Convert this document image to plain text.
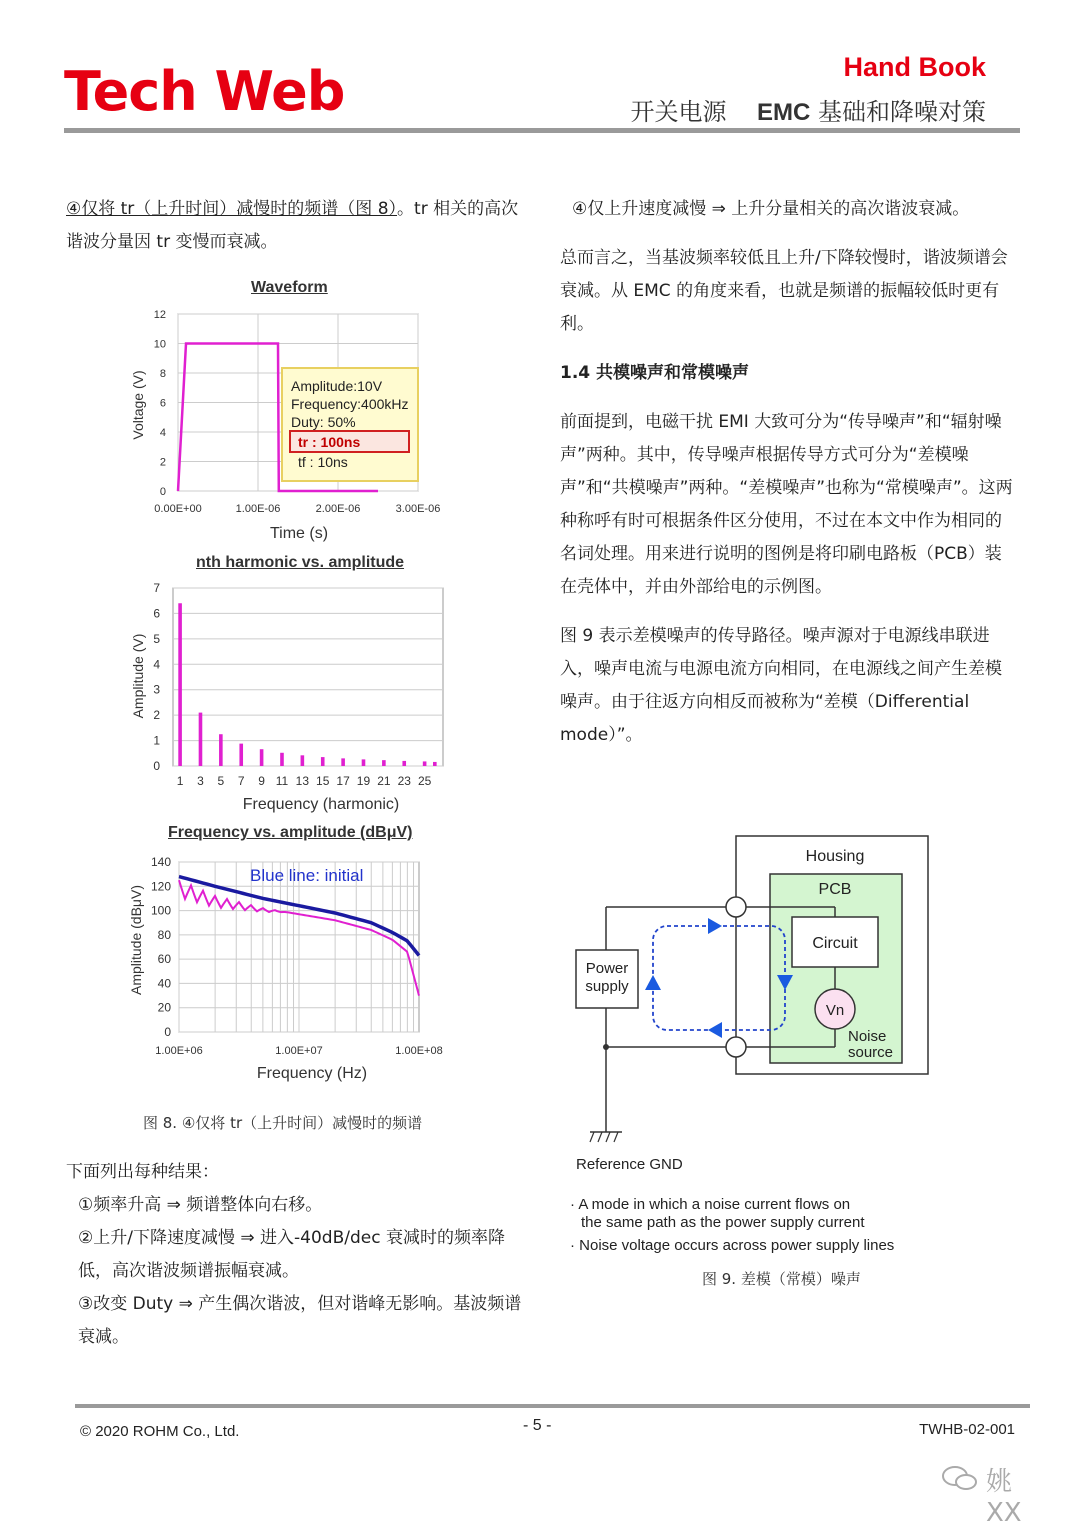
Tech Web	Hand Book
开关电源 EMC 基础和降噪对策

④仅将 tr（上升时间）减慢时的频谱（图 8）。tr 相关的高次谐波分量因 tr 变慢而衰减。

Waveform
0
2
4
6
8
10
12
0.00E+00	1.00E-06	2.00E-06	3.00E-06
Amplitude:10V
Frequency:400kHz
Duty: 50%
tr : 100ns
tf : 10ns
Voltage (V)
Time (s)
nth harmonic vs. amplitude
0
1
2
3
4
5
6
7
1 3 5 7 9 11 13 15 17 19 21 23 25
Amplitude (V)
Frequency (harmonic)
Frequency vs. amplitude (dBμV)
0
20
40
60
80
100
120
140
1.00E+06	1.00E+07	1.00E+08
Blue line: initial
Amplitude (dBμV)
Frequency (Hz)
图 8. ④仅将 tr（上升时间）减慢时的频谱

下面列出每种结果：

①频率升高 ⇒ 频谱整体向右移。

②上升/下降速度减慢 ⇒ 进入-40dB/dec 衰减时的频率降低，高次谐波频谱振幅衰减。

③改变 Duty ⇒ 产生偶次谐波，但对谐峰无影响。基波频谱衰减。

④仅上升速度减慢 ⇒ 上升分量相关的高次谐波衰减。

总而言之，当基波频率较低且上升/下降较慢时，谐波频谱会衰减。从 EMC 的角度来看，也就是频谱的振幅较低时更有利。

1.4 共模噪声和常模噪声

前面提到，电磁干扰 EMI 大致可分为“传导噪声”和“辐射噪声”两种。其中，传导噪声根据传导方式可分为“差模噪声”和“共模噪声”两种。“差模噪声”也称为“常模噪声”。这两种称呼有时可根据条件区分使用，不过在本文中作为相同的名词处理。用来进行说明的图例是将印刷电路板（PCB）装在壳体中，并由外部给电的示例图。

图 9 表示差模噪声的传导路径。噪声源对于电源线串联进入，噪声电流与电源电流方向相同，在电源线之间产生差模噪声。由于往返方向相反而被称为“差模（Differential mode）”。

Housing
PCB
Circuit
Power
supply
Vn
Noise
source
Reference GND
· A mode in which a noise current flows on
the same path as the power supply current
· Noise voltage occurs across power supply lines
图 9. 差模（常模）噪声
© 2020 ROHM Co., Ltd.	- 5 -	TWHB-02-001
姚XX
